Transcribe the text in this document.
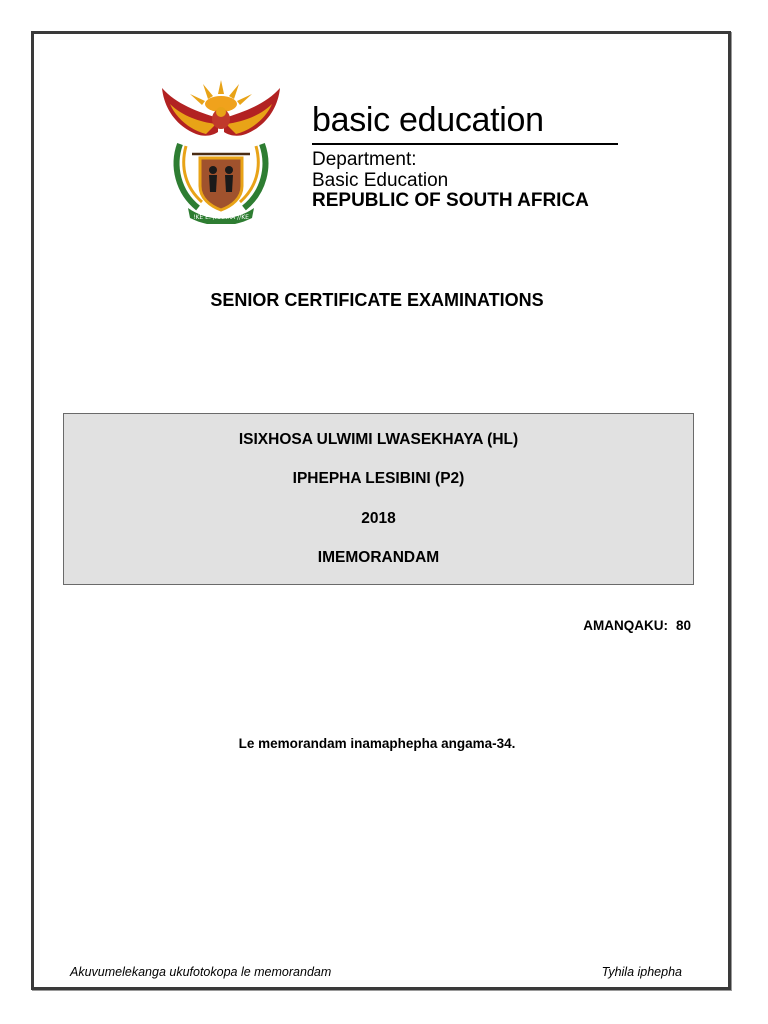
!KE E: /XARRA //KE
basic education
Department:
Basic Education
REPUBLIC OF SOUTH AFRICA
SENIOR CERTIFICATE EXAMINATIONS
ISIXHOSA ULWIMI LWASEKHAYA (HL)
IPHEPHA LESIBINI (P2)
2018
IMEMORANDAM
AMANQAKU: 80
Le memorandam inamaphepha angama-34.
Akuvumelekanga ukufotokopa le memorandam	Tyhila iphepha
